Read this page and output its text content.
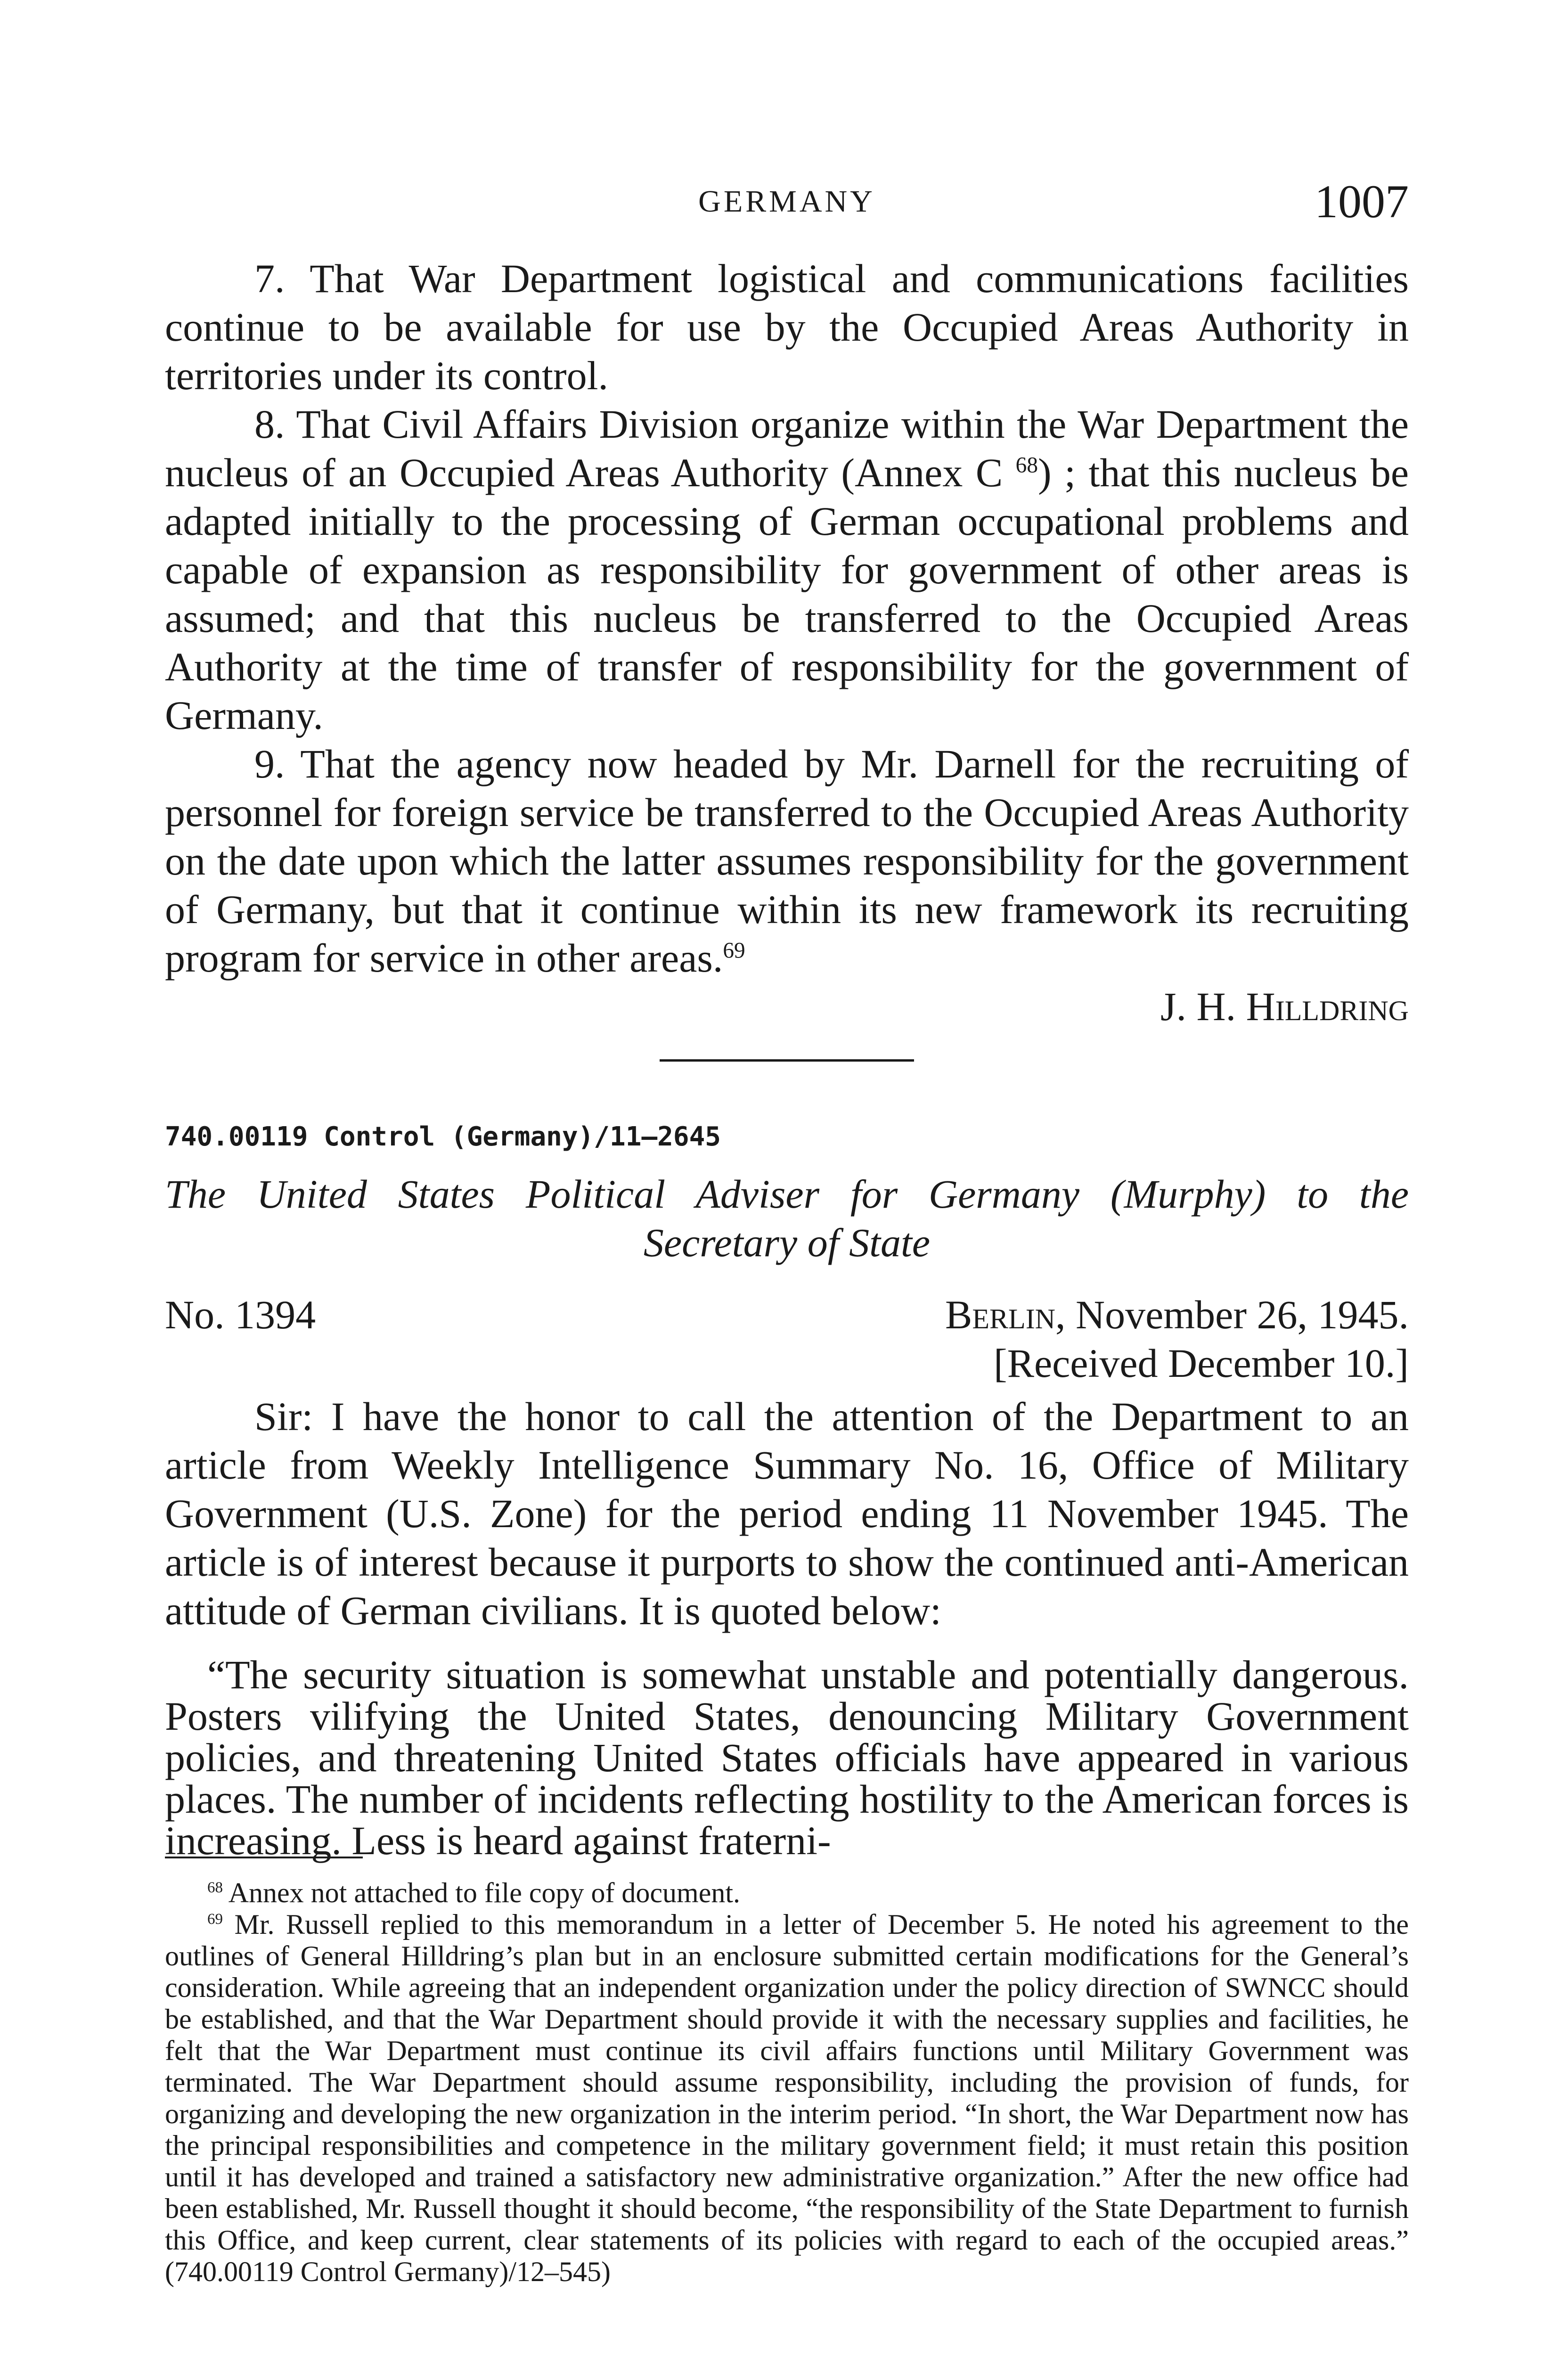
GERMANY	1007

7. That War Department logistical and communications facilities continue to be available for use by the Occupied Areas Authority in territories under its control.

8. That Civil Affairs Division organize within the War Department the nucleus of an Occupied Areas Authority (Annex C $^{68}$) ; that this nucleus be adapted initially to the processing of German occupational problems and capable of expansion as responsibility for government of other areas is assumed; and that this nucleus be transferred to the Occupied Areas Authority at the time of transfer of responsibility for the government of Germany.

9. That the agency now headed by Mr. Darnell for the recruiting of personnel for foreign service be transferred to the Occupied Areas Authority on the date upon which the latter assumes responsibility for the government of Germany, but that it continue within its new framework its recruiting program for service in other areas.$^{69}$

J. H. Hilldring

740.00119 Control (Germany)/11–2645

The United States Political Adviser for Germany (Murphy) to the
Secretary of State
No. 1394	Berlin, November 26, 1945.

[Received December 10.]

Sir: I have the honor to call the attention of the Department to an article from Weekly Intelligence Summary No. 16, Office of Military Government (U.S. Zone) for the period ending 11 November 1945. The article is of interest because it purports to show the continued anti-American attitude of German civilians. It is quoted below:

“The security situation is somewhat unstable and potentially dangerous. Posters vilifying the United States, denouncing Military Government policies, and threatening United States officials have appeared in various places. The number of incidents reflecting hostility to the American forces is increasing. Less is heard against fraterni-

$^{68}$ Annex not attached to file copy of document.

$^{69}$ Mr. Russell replied to this memorandum in a letter of December 5. He noted his agreement to the outlines of General Hilldring’s plan but in an enclosure submitted certain modifications for the General’s consideration. While agreeing that an independent organization under the policy direction of SWNCC should be established, and that the War Department should provide it with the necessary supplies and facilities, he felt that the War Department must continue its civil affairs functions until Military Government was terminated. The War Department should assume responsibility, including the provision of funds, for organizing and developing the new organization in the interim period. “In short, the War Department now has the principal responsibilities and competence in the military government field; it must retain this position until it has developed and trained a satisfactory new administrative organization.” After the new office had been established, Mr. Russell thought it should become, “the responsibility of the State Department to furnish this Office, and keep current, clear statements of its policies with regard to each of the occupied areas.” (740.00119 Control Germany)/12–545)
